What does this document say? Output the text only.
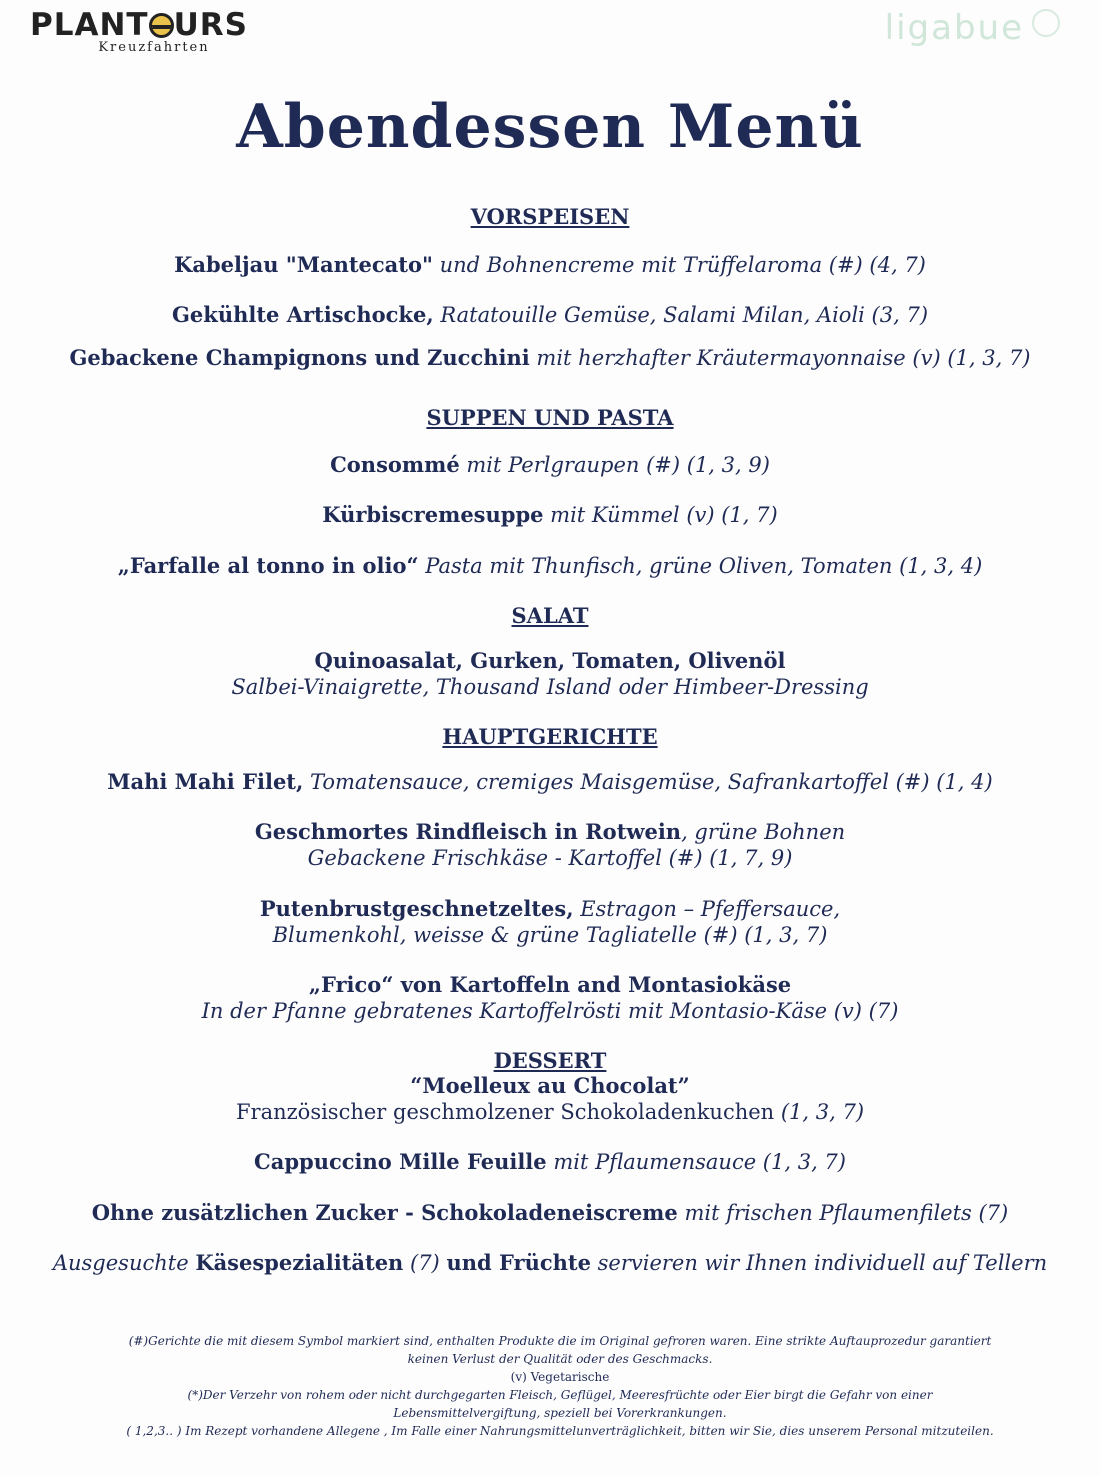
PLANT URS
Kreuzfahrten	ligabue
Abendessen Menü

VORSPEISEN

Kabeljau "Mantecato" und Bohnencreme mit Trüffelaroma (#) (4, 7)

Gekühlte Artischocke, Ratatouille Gemüse, Salami Milan, Aioli (3, 7)

Gebackene Champignons und Zucchini mit herzhafter Kräutermayonnaise (v) (1, 3, 7)

SUPPEN UND PASTA

Consommé mit Perlgraupen (#) (1, 3, 9)

Kürbiscremesuppe mit Kümmel (v) (1, 7)

„Farfalle al tonno in olio“ Pasta mit Thunfisch, grüne Oliven, Tomaten (1, 3, 4)

SALAT

Quinoasalat, Gurken, Tomaten, Olivenöl

Salbei-Vinaigrette, Thousand Island oder Himbeer-Dressing

HAUPTGERICHTE

Mahi Mahi Filet, Tomatensauce, cremiges Maisgemüse, Safrankartoffel (#) (1, 4)

Geschmortes Rindfleisch in Rotwein, grüne Bohnen

Gebackene Frischkäse - Kartoffel (#) (1, 7, 9)

Putenbrustgeschnetzeltes, Estragon – Pfeffersauce,

Blumenkohl, weisse & grüne Tagliatelle (#) (1, 3, 7)

„Frico“ von Kartoffeln and Montasiokäse

In der Pfanne gebratenes Kartoffelrösti mit Montasio-Käse (v) (7)

DESSERT

“Moelleux au Chocolat”

Französischer geschmolzener Schokoladenkuchen (1, 3, 7)

Cappuccino Mille Feuille mit Pflaumensauce (1, 3, 7)

Ohne zusätzlichen Zucker - Schokoladeneiscreme mit frischen Pflaumenfilets (7)

Ausgesuchte Käsespezialitäten (7) und Früchte servieren wir Ihnen individuell auf Tellern

(#)Gerichte die mit diesem Symbol markiert sind, enthalten Produkte die im Original gefroren waren. Eine strikte Auftauprozedur garantiert
keinen Verlust der Qualität oder des Geschmacks.
(v) Vegetarische
(*)Der Verzehr von rohem oder nicht durchgegarten Fleisch, Geflügel, Meeresfrüchte oder Eier birgt die Gefahr von einer
Lebensmittelvergiftung, speziell bei Vorerkrankungen.
( 1,2,3.. ) Im Rezept vorhandene Allegene , Im Falle einer Nahrungsmittelunverträglichkeit, bitten wir Sie, dies unserem Personal mitzuteilen.
